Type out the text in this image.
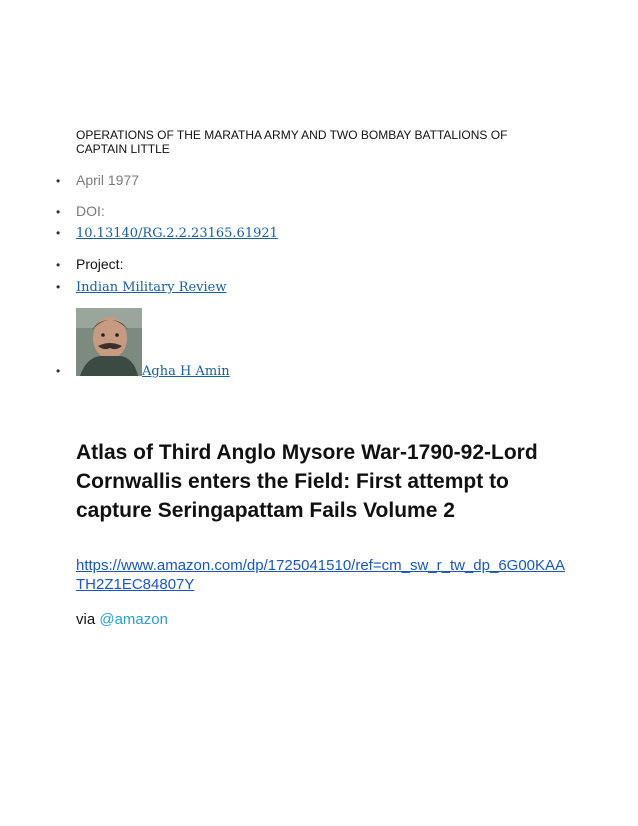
OPERATIONS OF THE MARATHA ARMY AND TWO BOMBAY BATTALIONS OF CAPTAIN LITTLE
•	April 1977
•	DOI:
•	10.13140/RG.2.2.23165.61921
•	Project:
•	Indian Military Review
•	Agha H Amin
Atlas of Third Anglo Mysore War-1790-92-Lord Cornwallis enters the Field: First attempt to capture Seringapattam Fails Volume 2
https://www.amazon.com/dp/1725041510/ref=cm_sw_r_tw_dp_6G00KAATH2Z1EC84807Y
via @amazon
